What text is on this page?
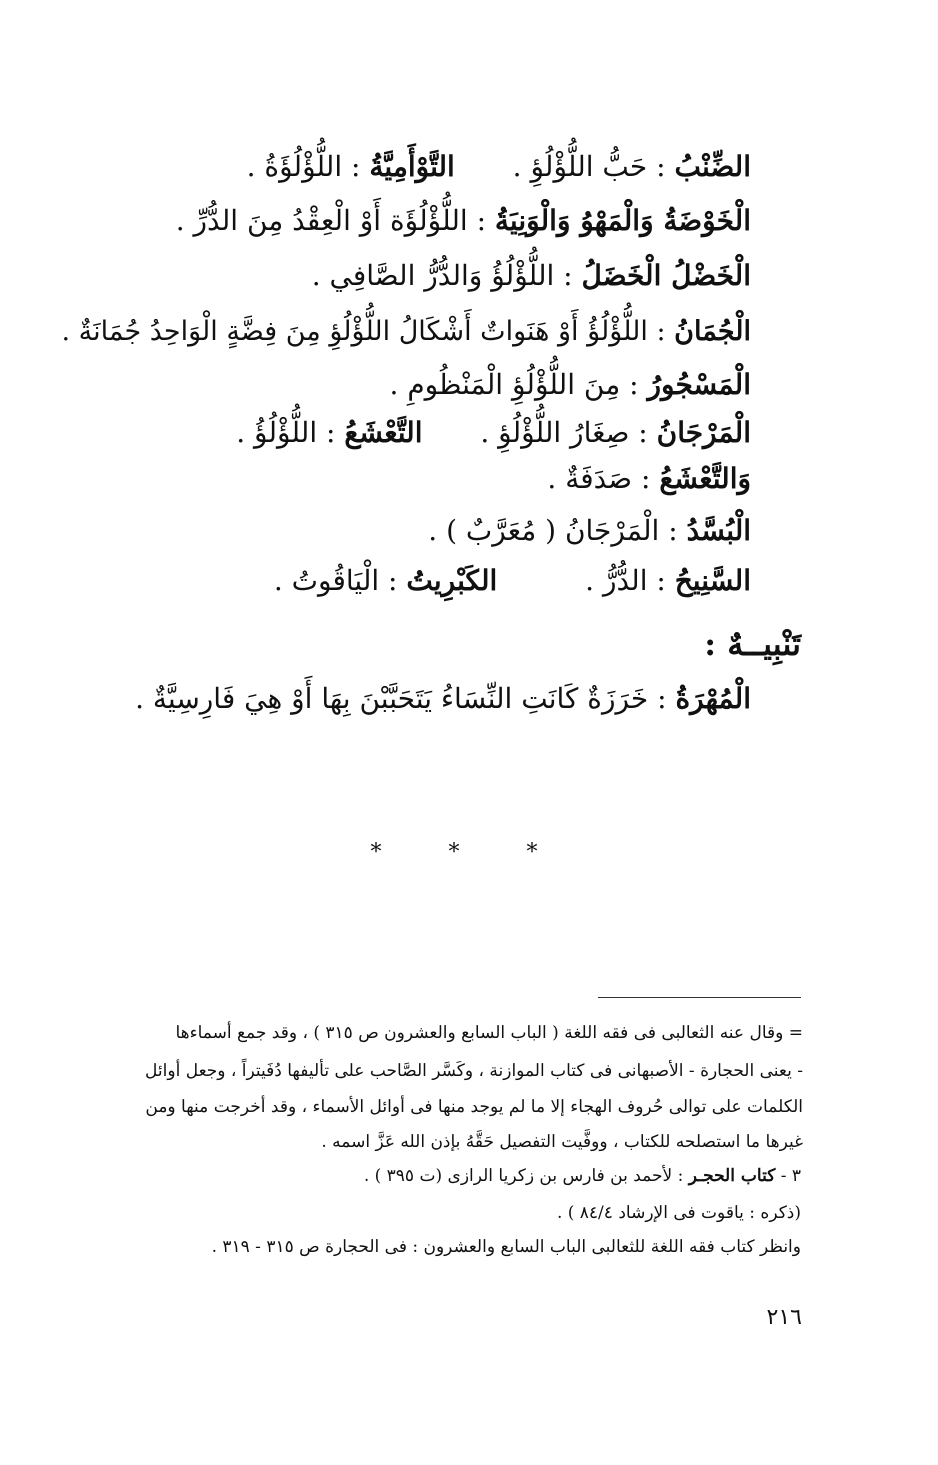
الضِّنْبُ : حَبُّ اللُّؤْلُؤِ .  التَّوْأَمِيَّةُ : اللُّؤْلُؤَةُ .
الْخَوْضَةُ وَالْمَهْوُ وَالْوَنِيَةُ : اللُّؤْلُؤَة أَوْ الْعِقْدُ مِنَ الدُّرِّ .
الْخَضْلُ الْخَضَلُ : اللُّؤْلُؤُ وَالدُّرُّ الصَّافِي .
الْجُمَانُ : اللُّؤْلُؤُ أَوْ هَنَواتٌ أَشْكَالُ اللُّؤْلُؤِ مِنَ فِضَّةٍ الْوَاحِدُ جُمَانَةٌ .
الْمَسْجُورُ : مِنَ اللُّؤْلُؤِ الْمَنْظُومِ .
الْمَرْجَانُ : صِغَارُ اللُّؤْلُؤِ .  التَّعْشَعُ : اللُّؤْلُؤُ .
وَالتَّعْشَعُ : صَدَفَةٌ .
الْبُسَّدُ : الْمَرْجَانُ ( مُعَرَّبٌ ) .
السَّنِيحُ : الدُّرُّ .  الكَبْرِيتُ : الْيَاقُوتُ .
تَنْبِيــهٌ :
الْمُهْرَةُ : خَرَزَةٌ كَانَتِ النِّسَاءُ يَتَحَبَّبْنَ بِهَا أَوْ هِيَ فَارِسِيَّةٌ .
* * *
= وقال عنه الثعالبى فى فقه اللغة ( الباب السابع والعشرون ص ٣١٥ ) ، وقد جمع أسماءها
- يعنى الحجارة - الأصبهانى فى كتاب الموازنة ، وكَسَّر الصَّاحب على تأليفها دُفَيتراً ، وجعل أوائل
الكلمات على توالى حُروف الهجاء إلا ما لم يوجد منها فى أوائل الأسماء ، وقد أخرجت منها ومن
غيرها ما استصلحه للكتاب ، ووفَّيت التفصيل حَقَّهُ بإذن الله عَزَّ اسمه .
٣ - كتاب الحجـر : لأحمد بن فارس بن زكريا الرازى (ت ٣٩٥ ) .
(ذكره : ياقوت فى الإرشاد ٨٤/٤ ) .
وانظر كتاب فقه اللغة للثعالبى الباب السابع والعشرون : فى الحجارة ص ٣١٥ - ٣١٩ .
٢١٦
